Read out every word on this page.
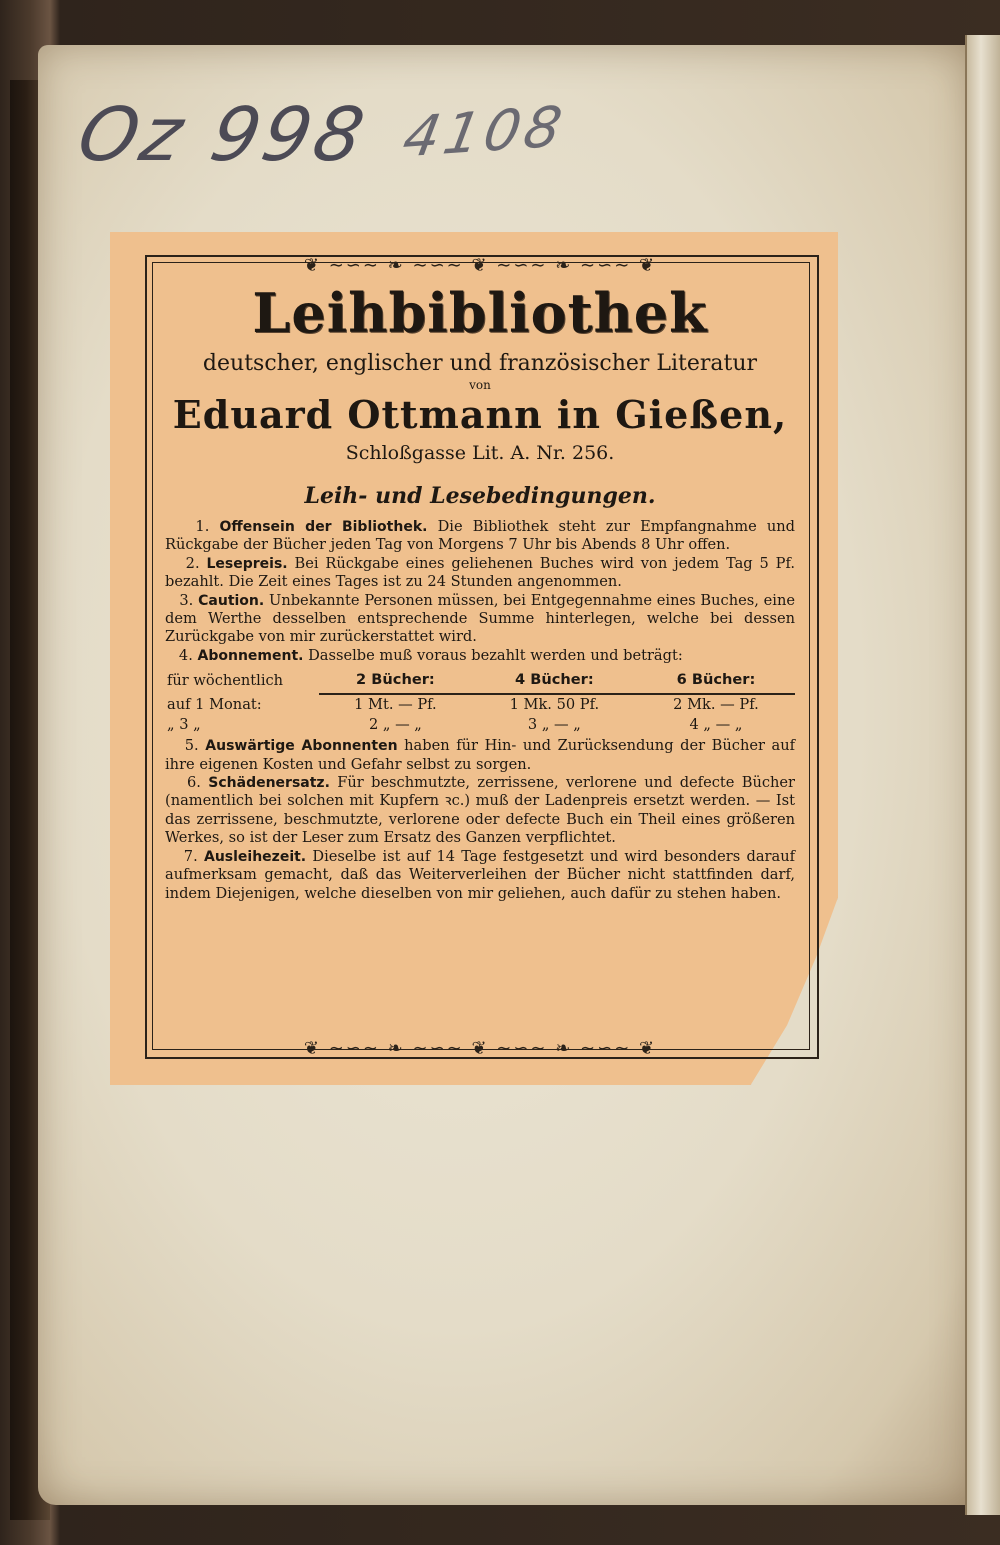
Oz 998 4108
❦ ∼∽∼ ❧ ∼∽∼ ❦ ∼∽∼ ❧ ∼∽∼ ❦
❦ ∼∽∼ ❧ ∼∽∼ ❦ ∼∽∼ ❧ ∼∽∼ ❦

Leihbibliothek

deutscher, englischer und französischer Literatur

von

Eduard Ottmann in Gießen,

Schloßgasse Lit. A. Nr. 256.

Leih- und Lesebedingungen.

1. Offensein der Bibliothek. Die Bibliothek steht zur Empfangnahme und Rückgabe der Bücher jeden Tag von Morgens 7 Uhr bis Abends 8 Uhr offen.

2. Lesepreis. Bei Rückgabe eines geliehenen Buches wird von jedem Tag 5 Pf. bezahlt. Die Zeit eines Tages ist zu 24 Stunden angenommen.

3. Caution. Unbekannte Personen müssen, bei Entgegennahme eines Buches, eine dem Werthe desselben entsprechende Summe hinterlegen, welche bei dessen Zurückgabe von mir zurückerstattet wird.

4. Abonnement. Dasselbe muß voraus bezahlt werden und beträgt:

für wöchentlich	2 Bücher:	4 Bücher:	6 Bücher:
auf 1 Monat:	1 Mt. — Pf.	1 Mk. 50 Pf.	2 Mk. — Pf.
„ 3 „	2 „ — „	3 „ — „	4 „ — „

5. Auswärtige Abonnenten haben für Hin- und Zurücksendung der Bücher auf ihre eigenen Kosten und Gefahr selbst zu sorgen.

6. Schädenersatz. Für beschmutzte, zerrissene, verlorene und defecte Bücher (namentlich bei solchen mit Kupfern ꝛc.) muß der Ladenpreis ersetzt werden. — Ist das zerrissene, beschmutzte, verlorene oder defecte Buch ein Theil eines größeren Werkes, so ist der Leser zum Ersatz des Ganzen verpflichtet.

7. Ausleihezeit. Dieselbe ist auf 14 Tage festgesetzt und wird besonders darauf aufmerksam gemacht, daß das Weiterverleihen der Bücher nicht stattfinden darf, indem Diejenigen, welche dieselben von mir geliehen, auch dafür zu stehen haben.
